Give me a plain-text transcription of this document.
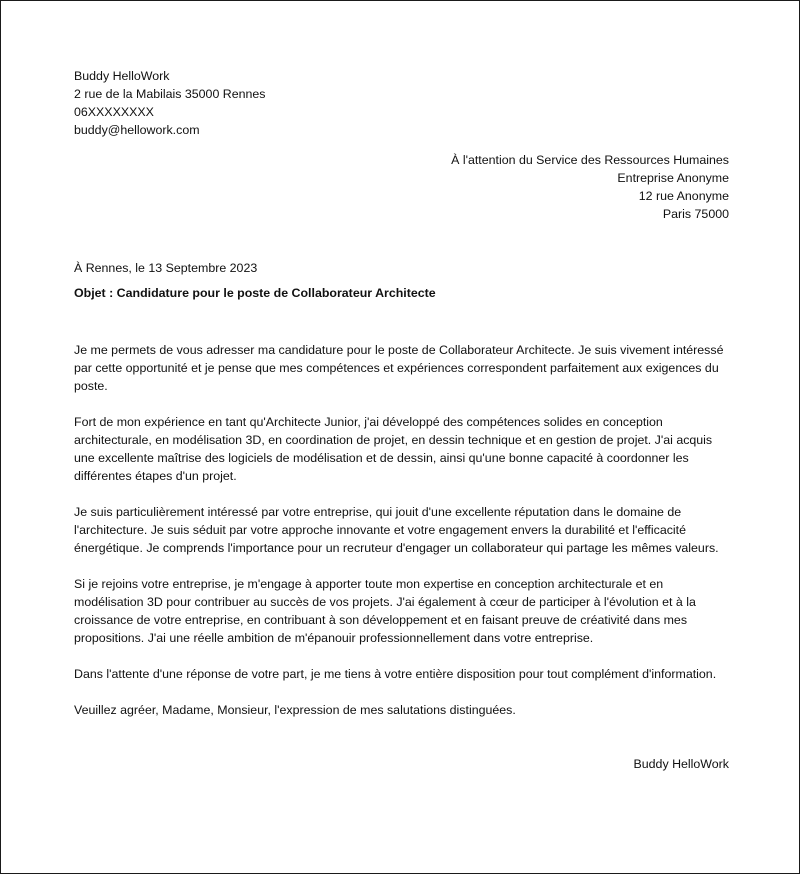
Buddy HelloWork
2 rue de la Mabilais 35000 Rennes
06XXXXXXXX
buddy@hellowork.com
À l'attention du Service des Ressources Humaines
Entreprise Anonyme
12 rue Anonyme
Paris 75000
À Rennes, le 13 Septembre 2023
Objet : Candidature pour le poste de Collaborateur Architecte

Je me permets de vous adresser ma candidature pour le poste de Collaborateur Architecte. Je suis vivement intéressé par cette opportunité et je pense que mes compétences et expériences correspondent parfaitement aux exigences du poste.

Fort de mon expérience en tant qu'Architecte Junior, j'ai développé des compétences solides en conception architecturale, en modélisation 3D, en coordination de projet, en dessin technique et en gestion de projet. J'ai acquis une excellente maîtrise des logiciels de modélisation et de dessin, ainsi qu'une bonne capacité à coordonner les différentes étapes d'un projet.

Je suis particulièrement intéressé par votre entreprise, qui jouit d'une excellente réputation dans le domaine de l'architecture. Je suis séduit par votre approche innovante et votre engagement envers la durabilité et l'efficacité énergétique. Je comprends l'importance pour un recruteur d'engager un collaborateur qui partage les mêmes valeurs.

Si je rejoins votre entreprise, je m'engage à apporter toute mon expertise en conception architecturale et en modélisation 3D pour contribuer au succès de vos projets. J'ai également à cœur de participer à l'évolution et à la croissance de votre entreprise, en contribuant à son développement et en faisant preuve de créativité dans mes propositions. J'ai une réelle ambition de m'épanouir professionnellement dans votre entreprise.

Dans l'attente d'une réponse de votre part, je me tiens à votre entière disposition pour tout complément d'information.

Veuillez agréer, Madame, Monsieur, l'expression de mes salutations distinguées.

Buddy HelloWork
